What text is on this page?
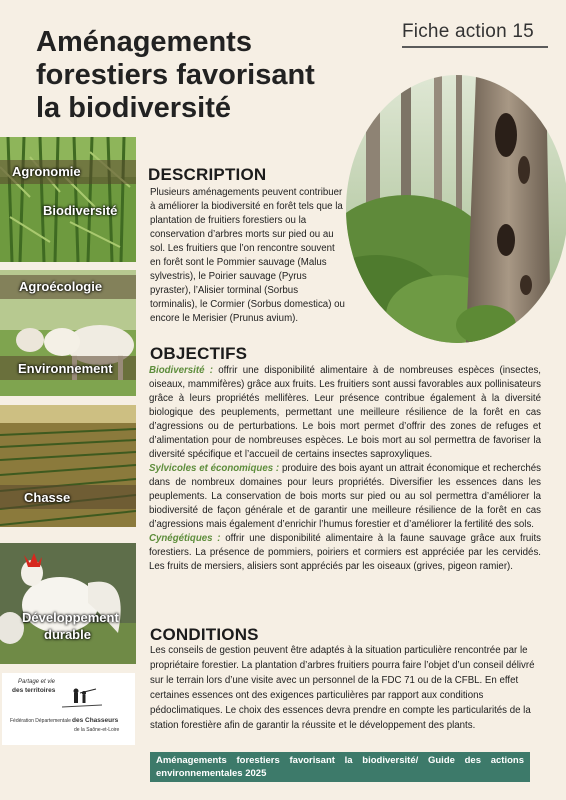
Aménagements
forestiers favorisant
la biodiversité
Fiche action 15
Agronomie
Biodiversité
Agroécologie
Environnement
Chasse
Développement
durable
Partage et vie
des territoires
Fédération Départementale des Chasseurs
de la Saône-et-Loire
DESCRIPTION
Plusieurs aménagements peuvent contribuer à améliorer la biodiversité en forêt tels que la plantation de fruitiers forestiers ou la conservation d’arbres morts sur pied ou au sol. Les fruitiers que l’on rencontre souvent en forêt sont le Pommier sauvage (Malus sylvestris), le Poirier sauvage (Pyrus pyraster), l’Alisier torminal (Sorbus torminalis), le Cormier (Sorbus domestica) ou encore le Merisier (Prunus avium).
OBJECTIFS
Biodiversité : offrir une disponibilité alimentaire à de nombreuses espèces (insectes, oiseaux, mammifères) grâce aux fruits. Les fruitiers sont aussi favorables aux pollinisateurs grâce à leurs propriétés mellifères. Leur présence contribue également à la diversité biologique des peuplements, permettant une meilleure résilience de la forêt en cas d’agressions ou de perturbations. Le bois mort permet d’offrir des zones de refuges et d’alimentation pour de nombreuses espèces. Le bois mort au sol permettra de favoriser la diversité spécifique et l’accueil de certains insectes saproxyliques.
Sylvicoles et économiques : produire des bois ayant un attrait économique et recherchés dans de nombreux domaines pour leurs propriétés. Diversifier les essences dans les peuplements. La conservation de bois morts sur pied ou au sol permettra d’améliorer la biodiversité de façon générale et de garantir une meilleure résilience de la forêt en cas d’agressions mais également d’enrichir l’humus forestier et d’améliorer la fertilité des sols.
Cynégétiques : offrir une disponibilité alimentaire à la faune sauvage grâce aux fruits forestiers. La présence de pommiers, poiriers et cormiers est appréciée par les cervidés. Les fruits de mersiers, alisiers sont appréciés par les oiseaux (grives, pigeon ramier).
CONDITIONS
Les conseils de gestion peuvent être adaptés à la situation particulière rencontrée par le propriétaire forestier. La plantation d’arbres fruitiers pourra faire l’objet d’un conseil délivré sur le terrain lors d’une visite avec un personnel de la FDC 71 ou de la CFBL. En effet certaines essences ont des exigences particulières par rapport aux conditions pédoclimatiques. Le choix des essences devra prendre en compte les particularités de la station forestière afin de garantir la réussite et le développement des plants.
Aménagements forestiers favorisant la biodiversité/ Guide des actions environnementales 2025
